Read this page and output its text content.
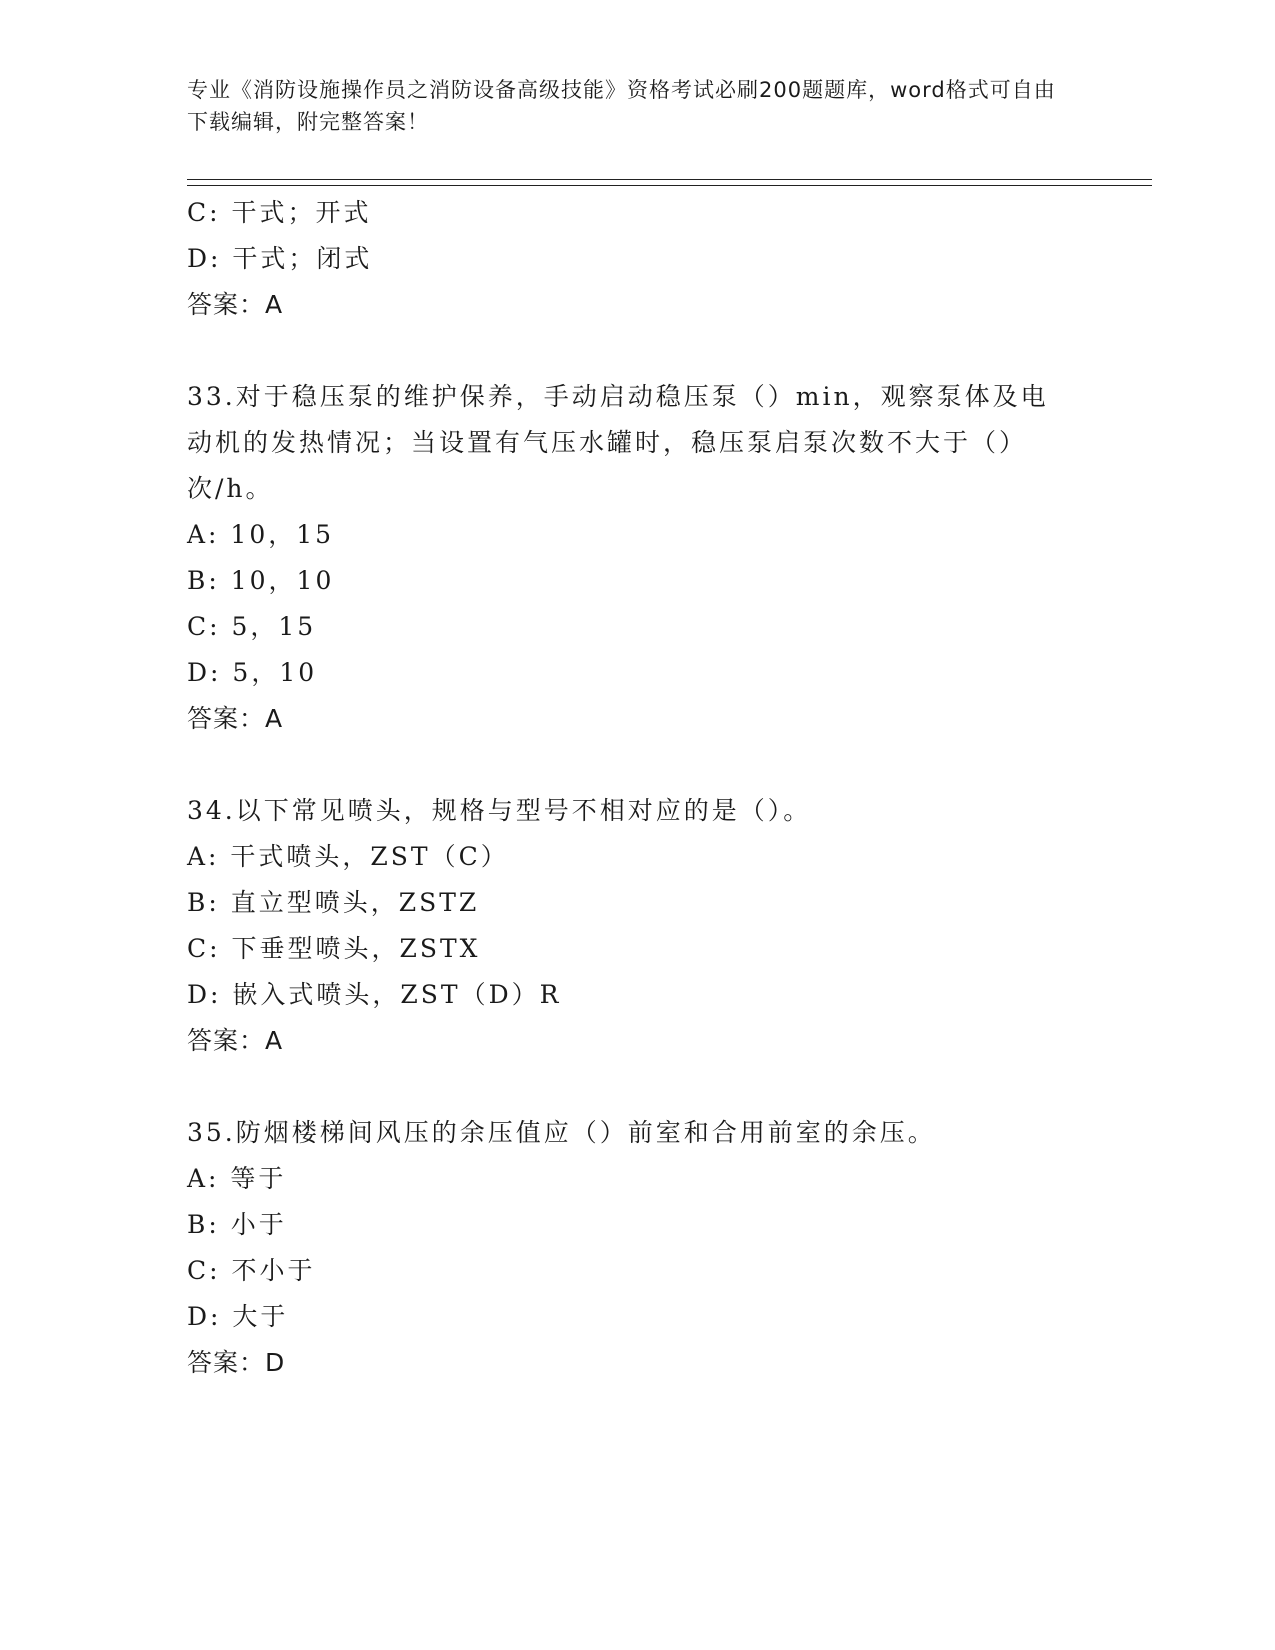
专业《消防设施操作员之消防设备高级技能》资格考试必刷200题题库，word格式可自由下载编辑，附完整答案！
C: 干式；开式
D: 干式；闭式
答案：A
33.对于稳压泵的维护保养，手动启动稳压泵（）min，观察泵体及电
动机的发热情况；当设置有气压水罐时，稳压泵启泵次数不大于（）
次/h。
A: 10，15
B: 10，10
C: 5，15
D: 5，10
答案：A
34.以下常见喷头，规格与型号不相对应的是（）。
A: 干式喷头，ZST（C）
B: 直立型喷头，ZSTZ
C: 下垂型喷头，ZSTX
D: 嵌入式喷头，ZST（D）R
答案：A
35.防烟楼梯间风压的余压值应（）前室和合用前室的余压。
A: 等于
B: 小于
C: 不小于
D: 大于
答案：D
